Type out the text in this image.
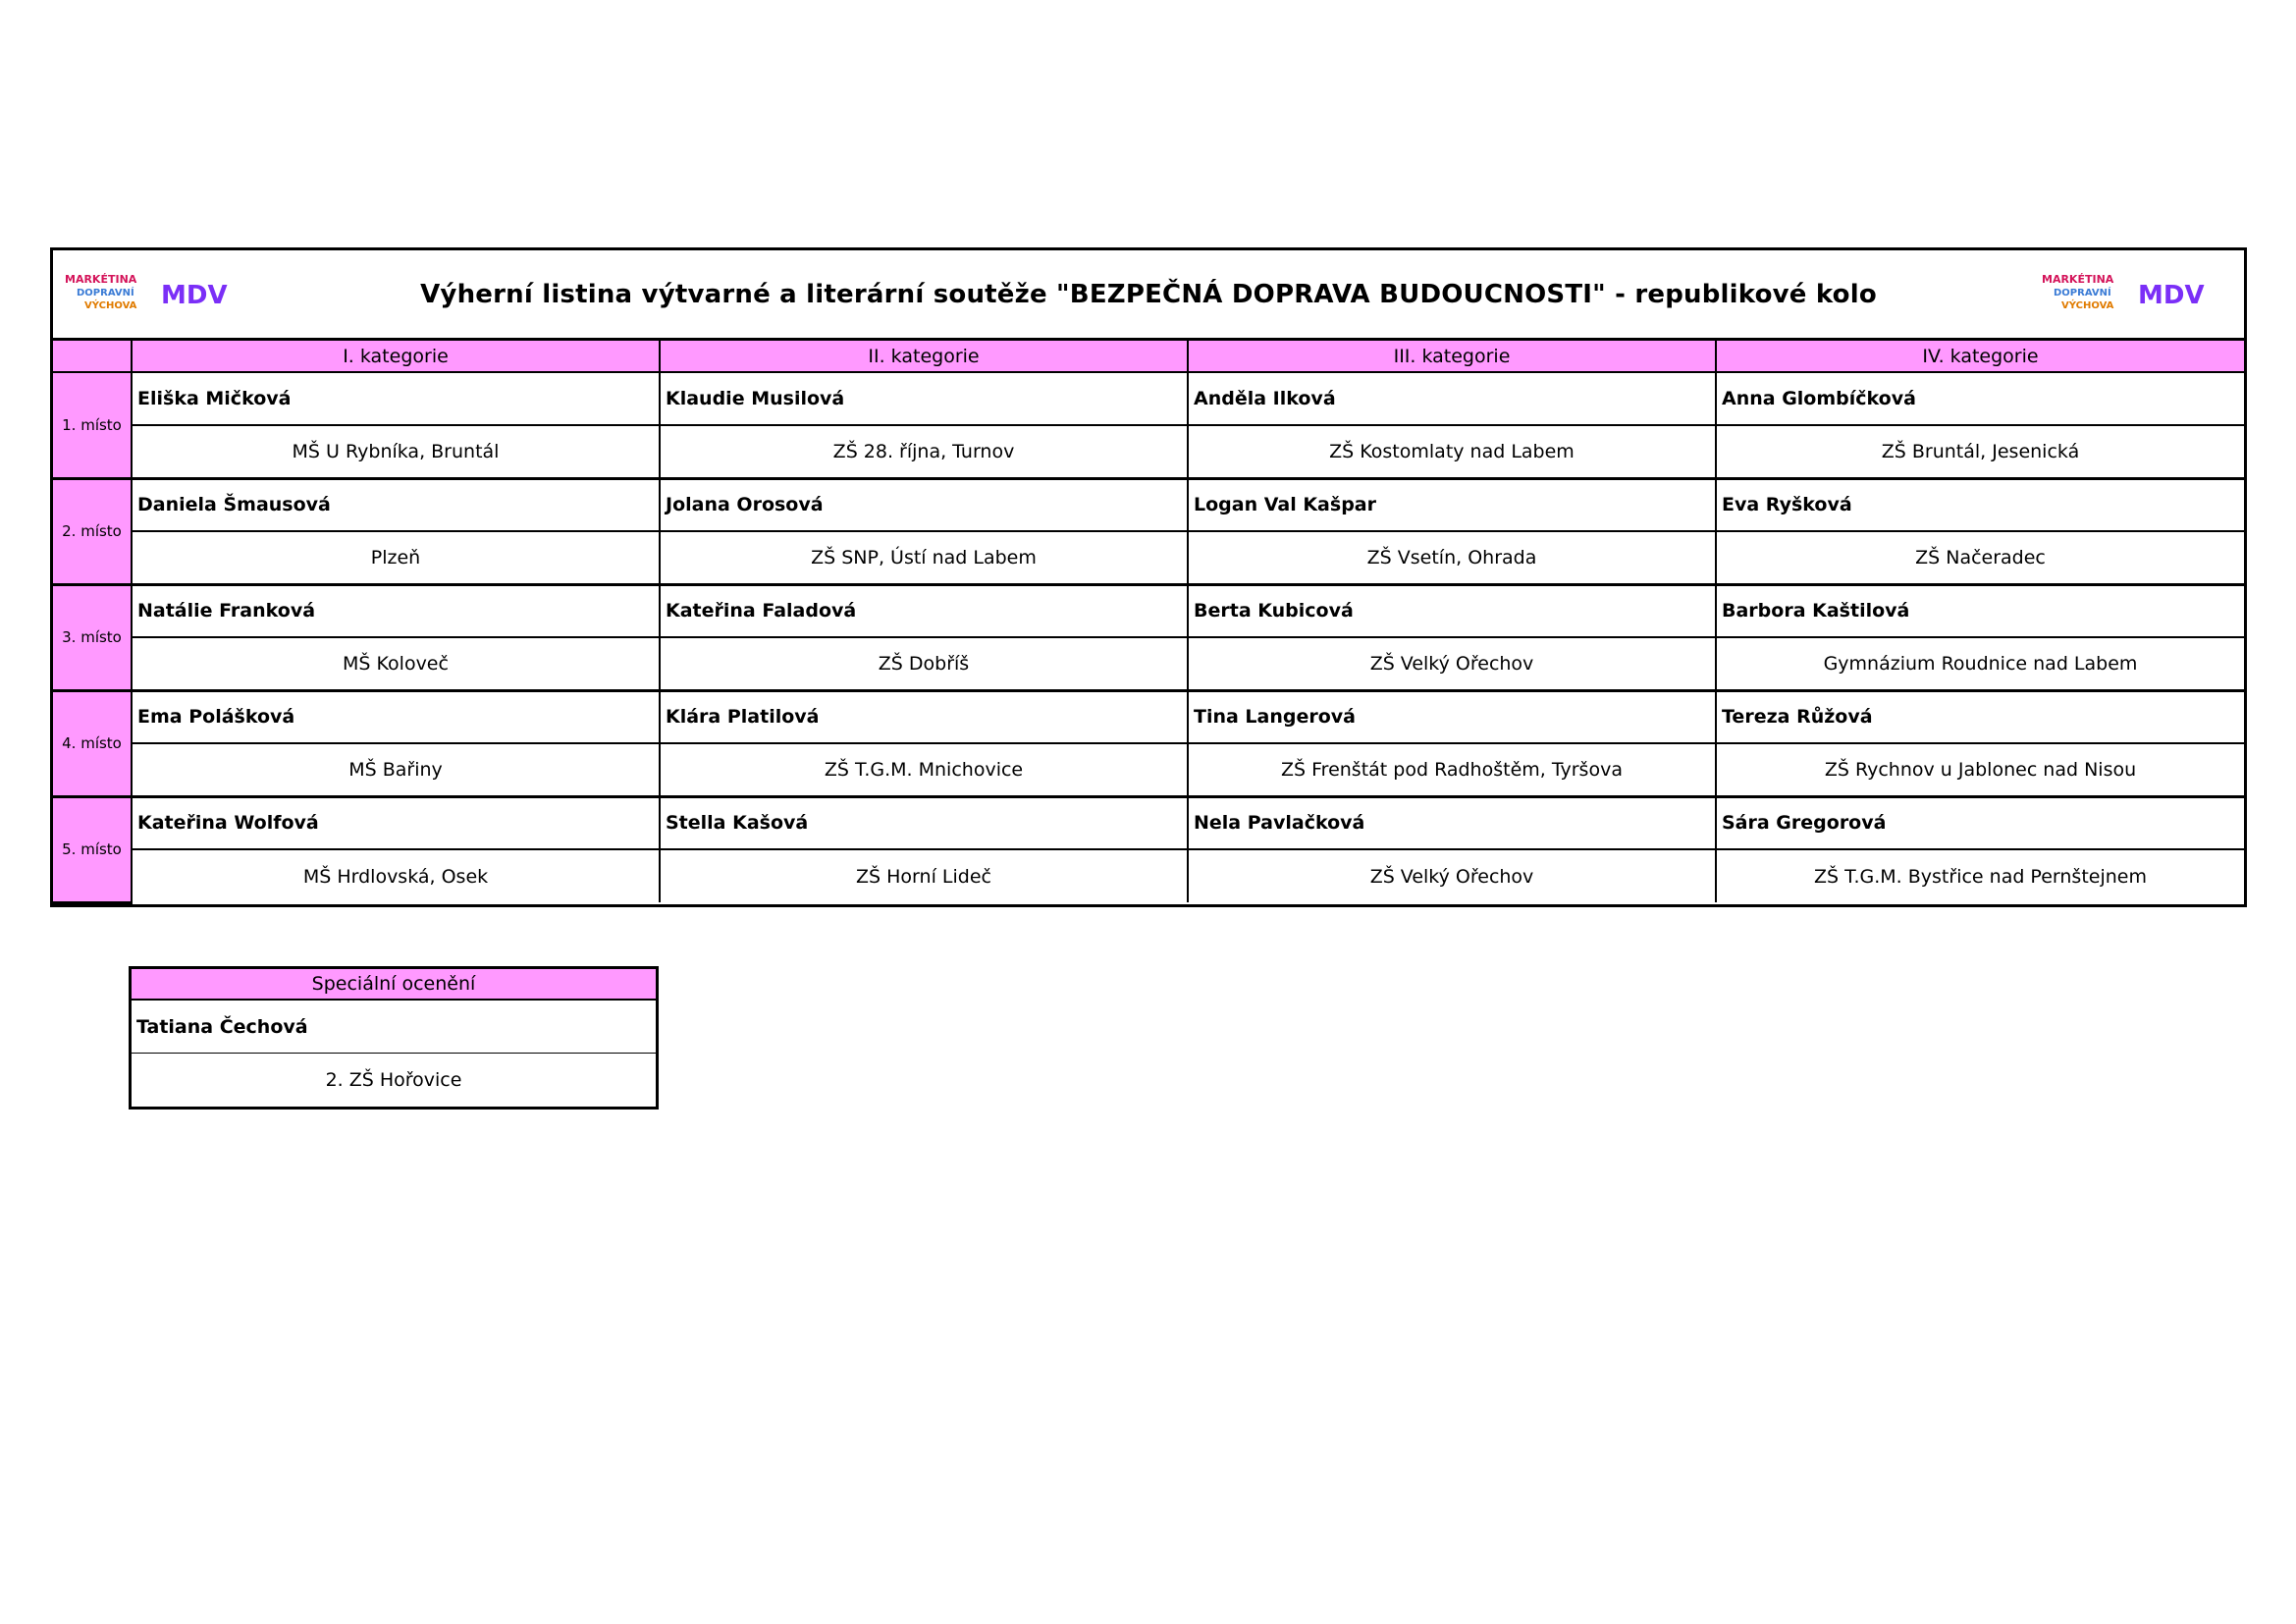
MARKÉTINA
DOPRAVNÍ
VÝCHOVA MDV	Výherní listina výtvarné a literární soutěže "BEZPEČNÁ DOPRAVA BUDOUCNOSTI" - republikové kolo	MARKÉTINA
DOPRAVNÍ
VÝCHOVA MDV
	I. kategorie	II. kategorie	III. kategorie	IV. kategorie
1. místo	Eliška Mičková	Klaudie Musilová	Anděla Ilková	Anna Glombíčková
	MŠ U Rybníka, Bruntál	ZŠ 28. října, Turnov	ZŠ Kostomlaty nad Labem	ZŠ Bruntál, Jesenická
2. místo	Daniela Šmausová	Jolana Orosová	Logan Val Kašpar	Eva Ryšková
	Plzeň	ZŠ SNP, Ústí nad Labem	ZŠ Vsetín, Ohrada	ZŠ Načeradec
3. místo	Natálie Franková	Kateřina Faladová	Berta Kubicová	Barbora Kaštilová
	MŠ Koloveč	ZŠ Dobříš	ZŠ Velký Ořechov	Gymnázium Roudnice nad Labem
4. místo	Ema Polášková	Klára Platilová	Tina Langerová	Tereza Růžová
	MŠ Bařiny	ZŠ T.G.M. Mnichovice	ZŠ Frenštát pod Radhoštěm, Tyršova	ZŠ Rychnov u Jablonec nad Nisou
5. místo	Kateřina Wolfová	Stella Kašová	Nela Pavlačková	Sára Gregorová
	MŠ Hrdlovská, Osek	ZŠ Horní Lideč	ZŠ Velký Ořechov	ZŠ T.G.M. Bystřice nad Pernštejnem
Speciální ocenění
Tatiana Čechová
2. ZŠ Hořovice
